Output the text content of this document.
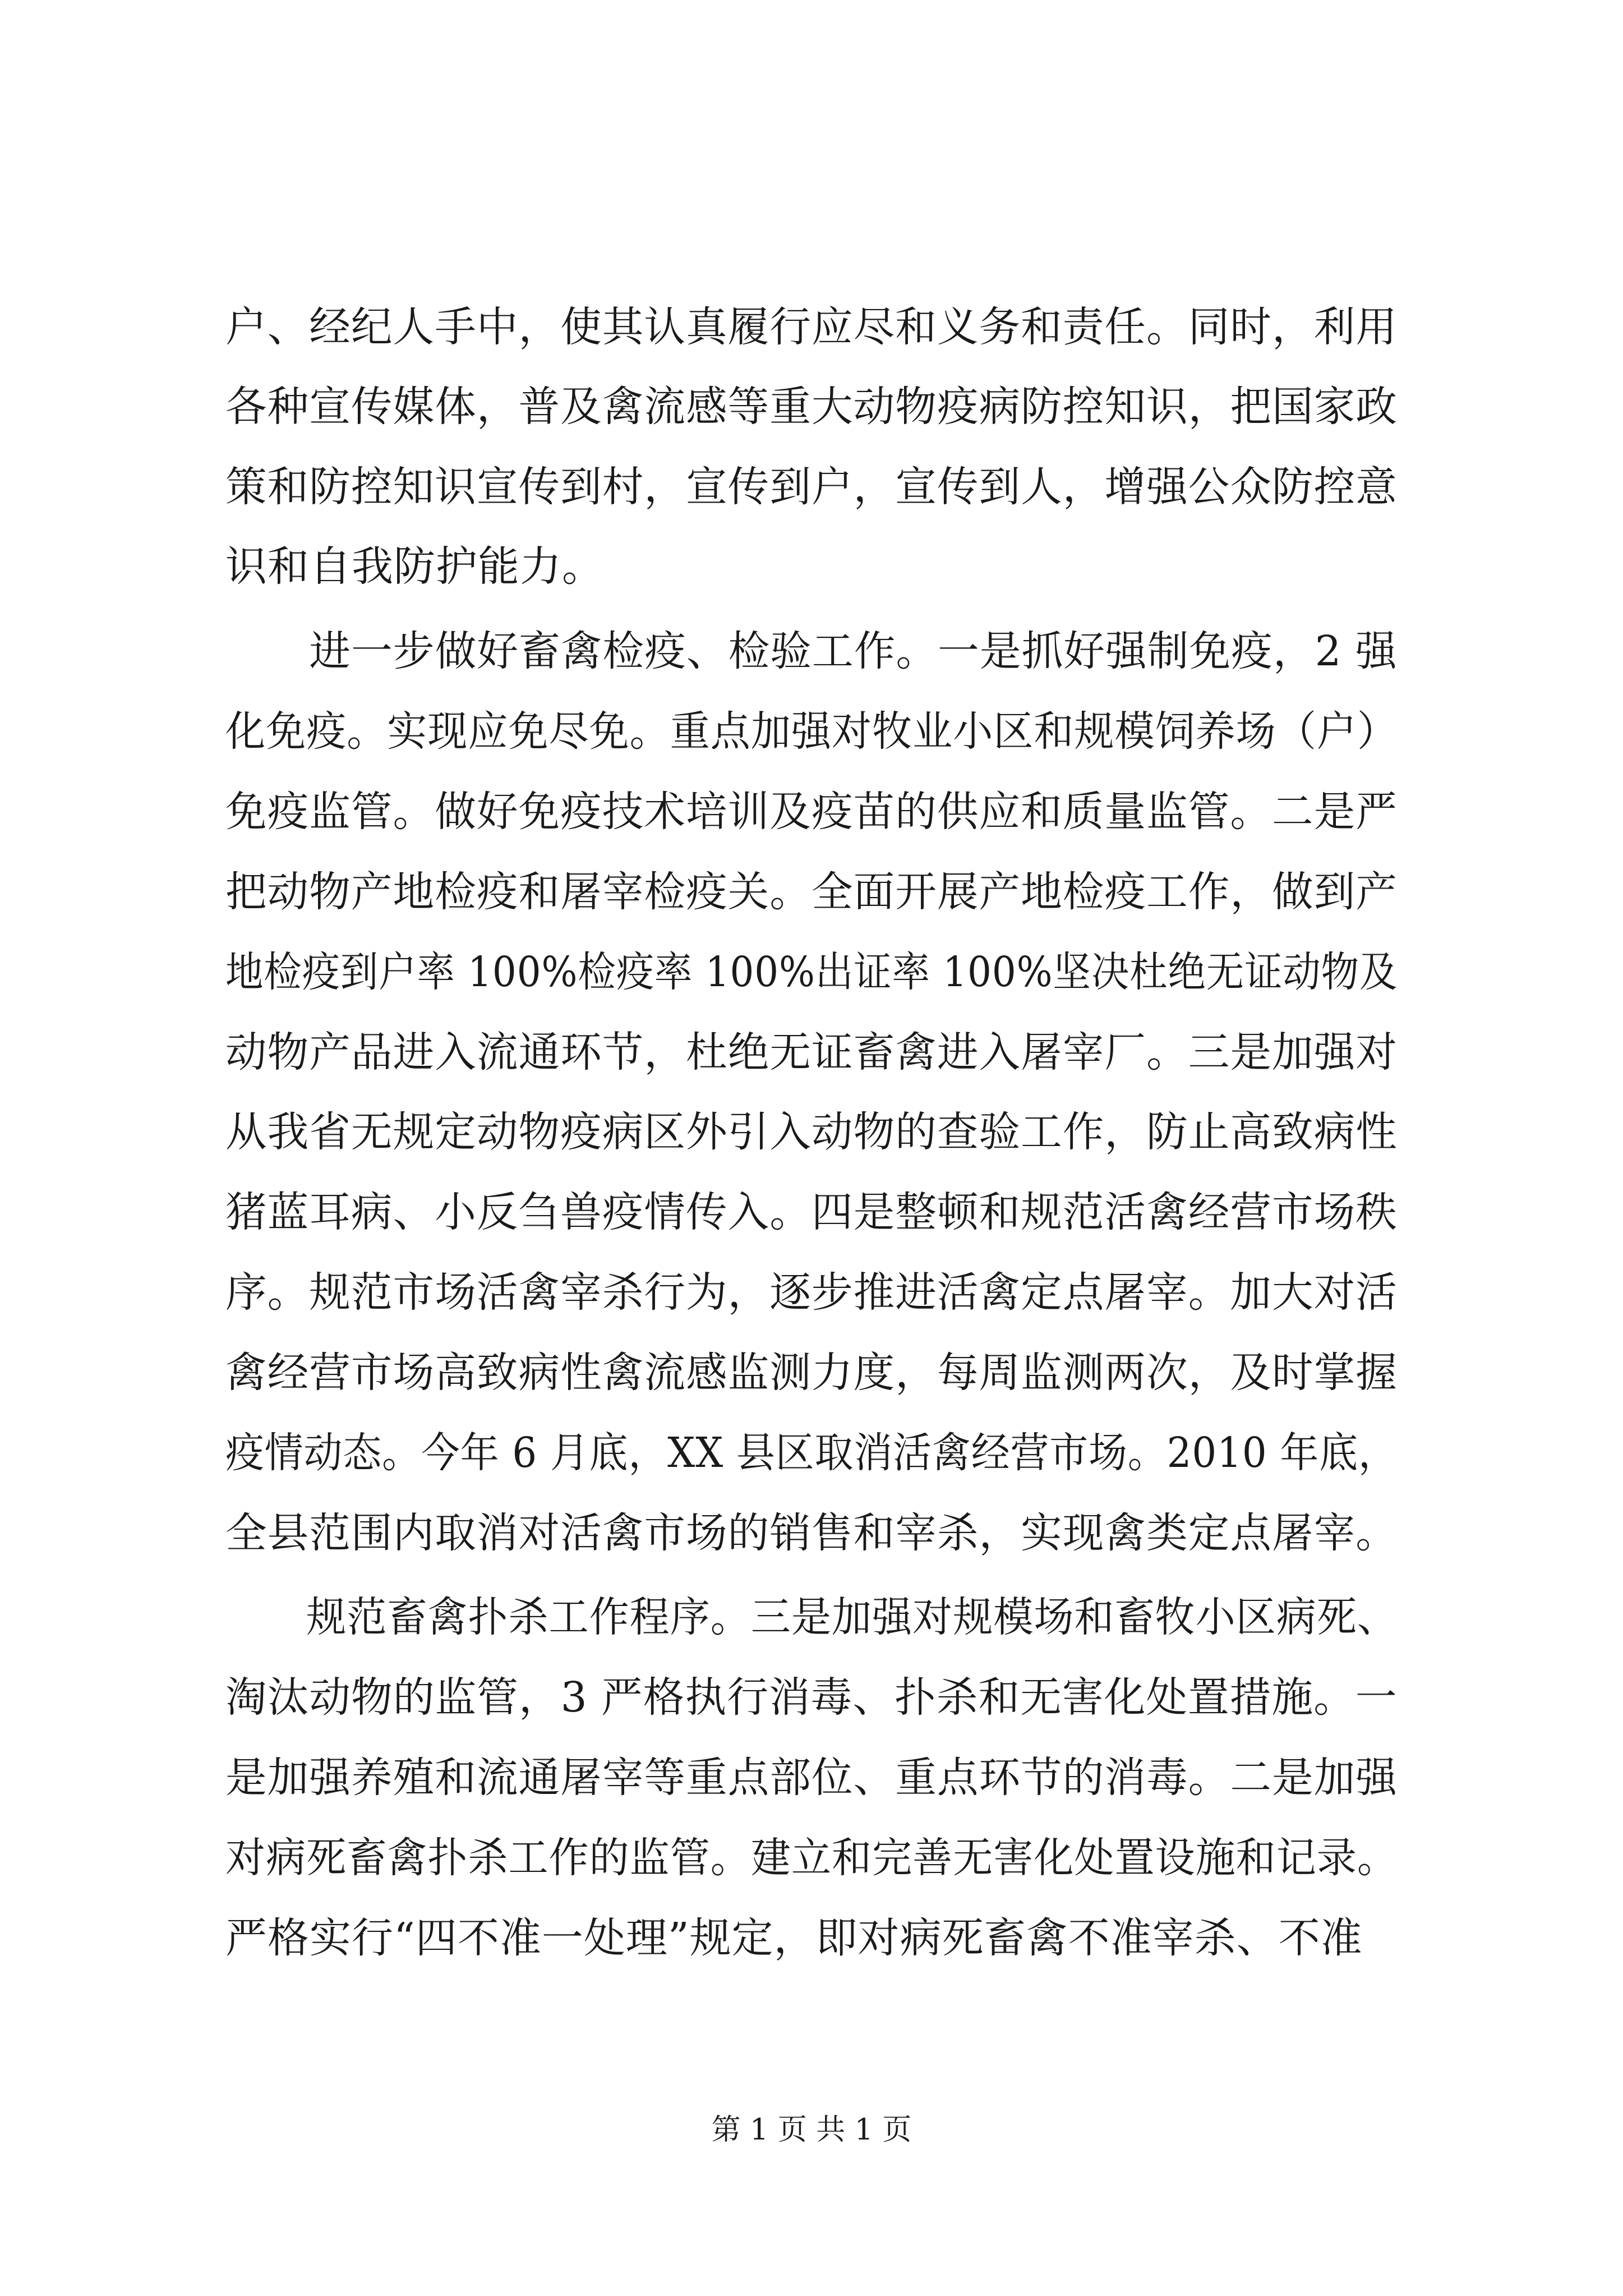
户、经纪人手中，使其认真履行应尽和义务和责任。同时，利用
各种宣传媒体，普及禽流感等重大动物疫病防控知识，把国家政
策和防控知识宣传到村，宣传到户，宣传到人，增强公众防控意
识和自我防护能力。
　　进一步做好畜禽检疫、检验工作。一是抓好强制免疫，2 强
化免疫。实现应免尽免。重点加强对牧业小区和规模饲养场（户）
免疫监管。做好免疫技术培训及疫苗的供应和质量监管。二是严
把动物产地检疫和屠宰检疫关。全面开展产地检疫工作，做到产
地检疫到户率 100%检疫率 100%出证率 100%坚决杜绝无证动物及
动物产品进入流通环节，杜绝无证畜禽进入屠宰厂。三是加强对
从我省无规定动物疫病区外引入动物的查验工作，防止高致病性
猪蓝耳病、小反刍兽疫情传入。四是整顿和规范活禽经营市场秩
序。规范市场活禽宰杀行为，逐步推进活禽定点屠宰。加大对活
禽经营市场高致病性禽流感监测力度，每周监测两次，及时掌握
疫情动态。今年 6 月底，XX 县区取消活禽经营市场。2010 年底，
全县范围内取消对活禽市场的销售和宰杀，实现禽类定点屠宰。
　　规范畜禽扑杀工作程序。三是加强对规模场和畜牧小区病死、
淘汰动物的监管，3 严格执行消毒、扑杀和无害化处置措施。一
是加强养殖和流通屠宰等重点部位、重点环节的消毒。二是加强
对病死畜禽扑杀工作的监管。建立和完善无害化处置设施和记录。
严格实行“四不准一处理”规定，即对病死畜禽不准宰杀、不准
第 1 页 共 1 页
